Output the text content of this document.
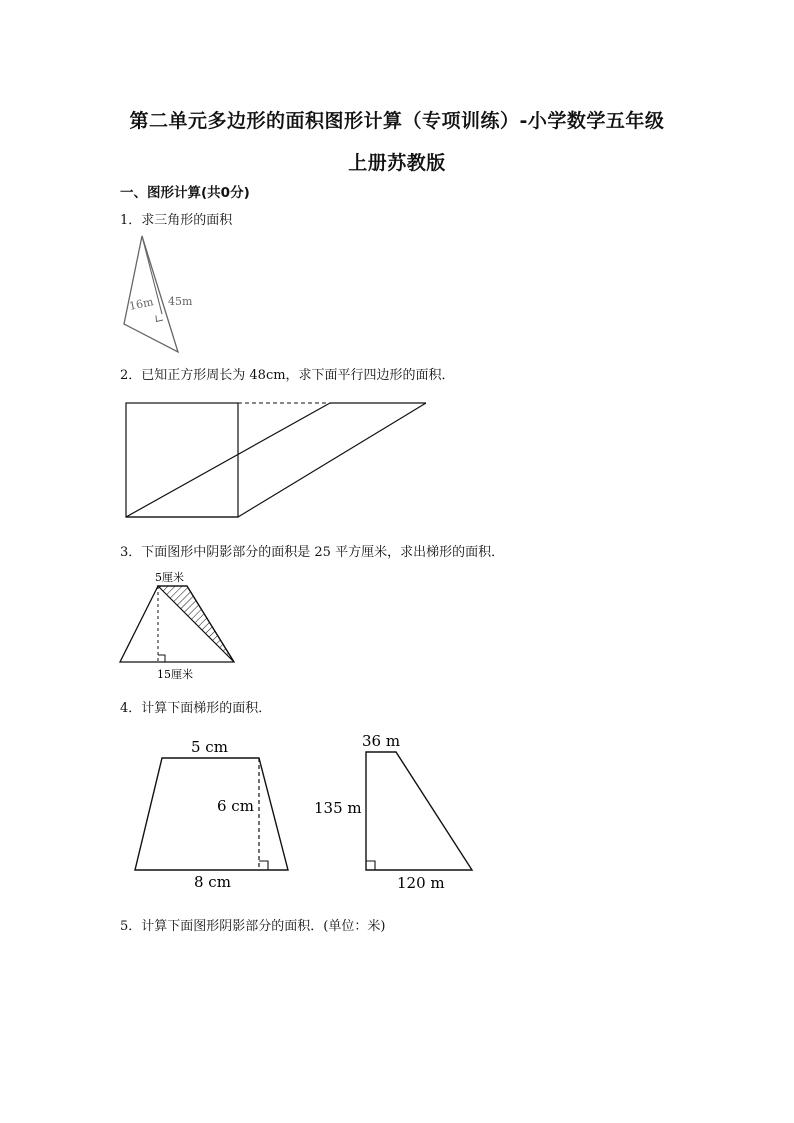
第二单元多边形的面积图形计算（专项训练）-小学数学五年级
上册苏教版
一、图形计算(共0分)
1．求三角形的面积
2．已知正方形周长为 48cm，求下面平行四边形的面积．
3．下面图形中阴影部分的面积是 25 平方厘米，求出梯形的面积．
4．计算下面梯形的面积．
5．计算下面图形阴影部分的面积．(单位：米)
16m 45m
5厘米
15厘米
5 cm
6 cm
8 cm
36 m
135 m
120 m
